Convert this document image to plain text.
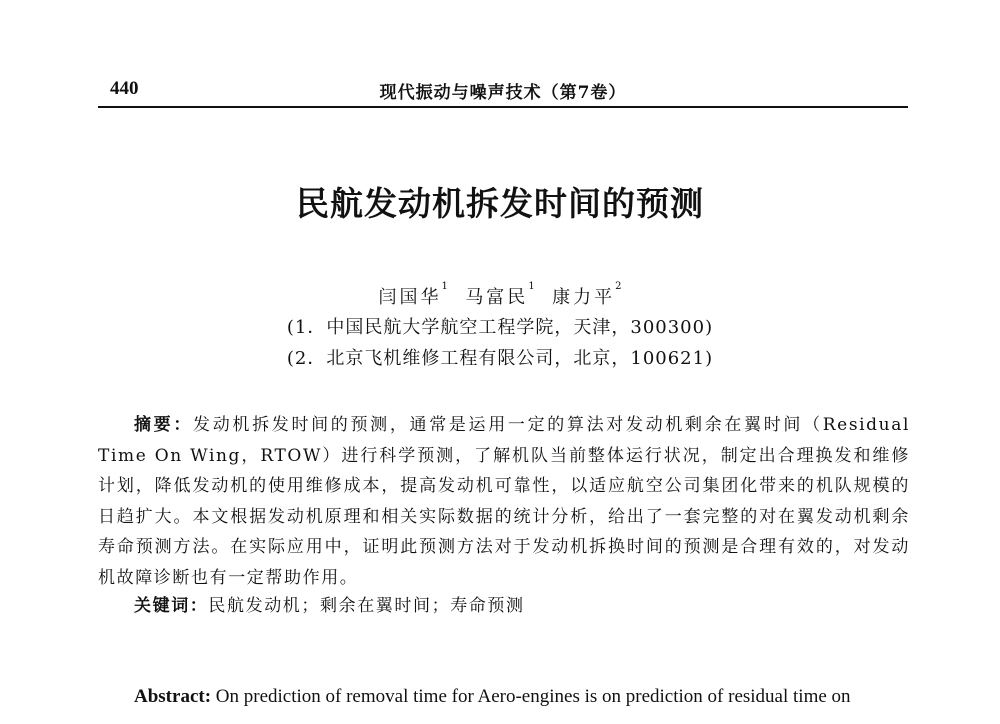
440	现代振动与噪声技术（第7卷）
民航发动机拆发时间的预测
闫国华$^1$  马富民$^1$  康力平$^2$
(1．中国民航大学航空工程学院，天津，300300)
(2．北京飞机维修工程有限公司，北京，100621)
摘要：发动机拆发时间的预测，通常是运用一定的算法对发动机剩余在翼时间（Residual Time On Wing，RTOW）进行科学预测，了解机队当前整体运行状况，制定出合理换发和维修计划，降低发动机的使用维修成本，提高发动机可靠性，以适应航空公司集团化带来的机队规模的日趋扩大。本文根据发动机原理和相关实际数据的统计分析，给出了一套完整的对在翼发动机剩余寿命预测方法。在实际应用中，证明此预测方法对于发动机拆换时间的预测是合理有效的，对发动机故障诊断也有一定帮助作用。
关键词：民航发动机；剩余在翼时间；寿命预测
Abstract: On prediction of removal time for Aero-engines is on prediction of residual time on
